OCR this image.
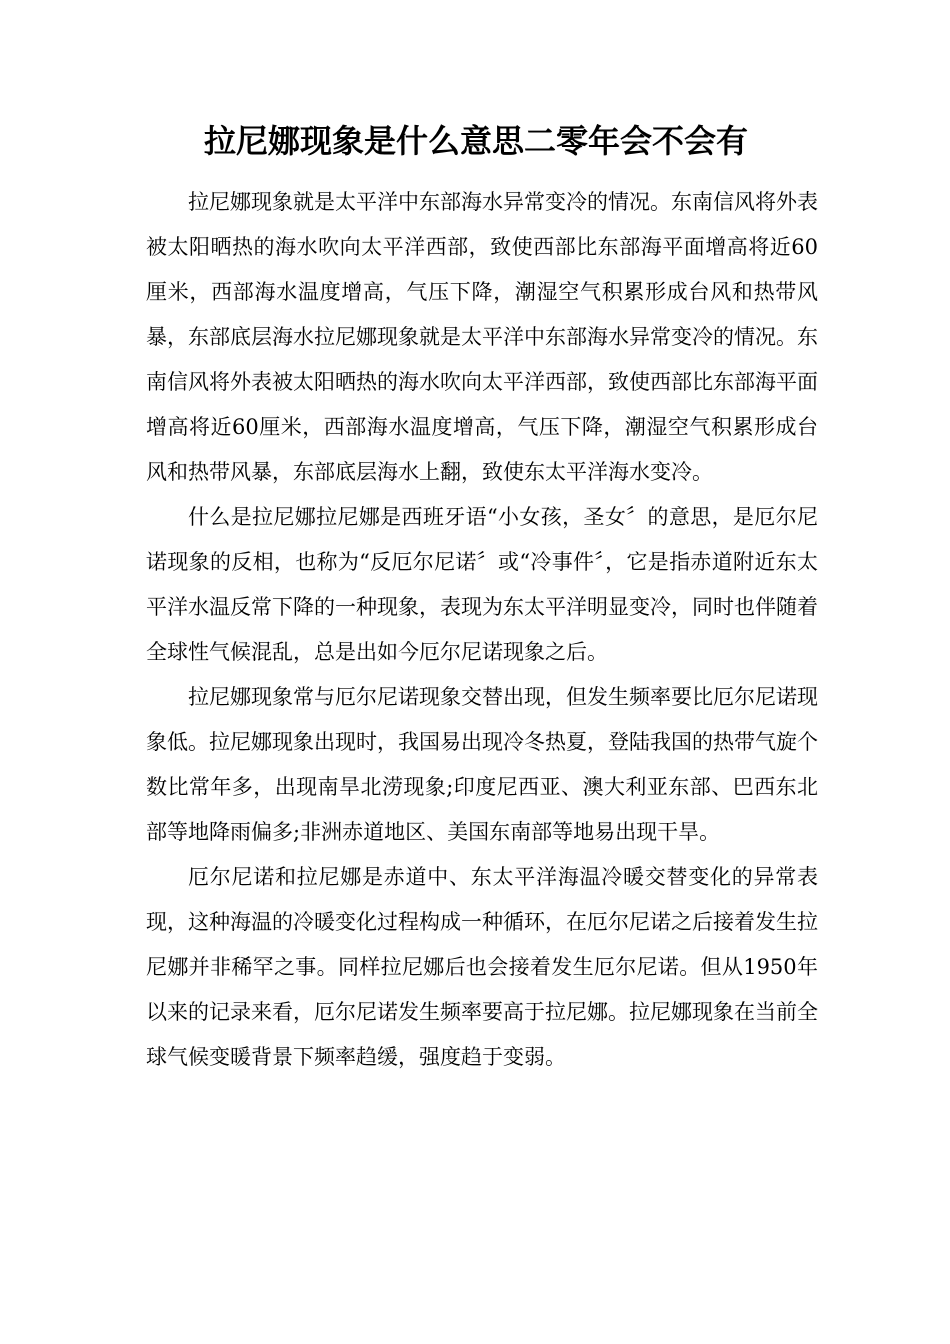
拉尼娜现象是什么意思二零年会不会有

拉尼娜现象就是太平洋中东部海水异常变冷的情况。东南信风将外表被太阳晒热的海水吹向太平洋西部，致使西部比东部海平面增高将近60厘米，西部海水温度增高，气压下降，潮湿空气积累形成台风和热带风暴，东部底层海水拉尼娜现象就是太平洋中东部海水异常变冷的情况。东南信风将外表被太阳晒热的海水吹向太平洋西部，致使西部比东部海平面增高将近60厘米，西部海水温度增高，气压下降，潮湿空气积累形成台风和热带风暴，东部底层海水上翻，致使东太平洋海水变冷。

什么是拉尼娜拉尼娜是西班牙语“小女孩，圣女〞的意思，是厄尔尼诺现象的反相，也称为“反厄尔尼诺〞或“冷事件〞，它是指赤道附近东太平洋水温反常下降的一种现象，表现为东太平洋明显变冷，同时也伴随着全球性气候混乱，总是出如今厄尔尼诺现象之后。

拉尼娜现象常与厄尔尼诺现象交替出现，但发生频率要比厄尔尼诺现象低。拉尼娜现象出现时，我国易出现冷冬热夏，登陆我国的热带气旋个数比常年多，出现南旱北涝现象;印度尼西亚、澳大利亚东部、巴西东北部等地降雨偏多;非洲赤道地区、美国东南部等地易出现干旱。

厄尔尼诺和拉尼娜是赤道中、东太平洋海温冷暖交替变化的异常表现，这种海温的冷暖变化过程构成一种循环，在厄尔尼诺之后接着发生拉尼娜并非稀罕之事。同样拉尼娜后也会接着发生厄尔尼诺。但从1950年以来的记录来看，厄尔尼诺发生频率要高于拉尼娜。拉尼娜现象在当前全球气候变暖背景下频率趋缓，强度趋于变弱。
